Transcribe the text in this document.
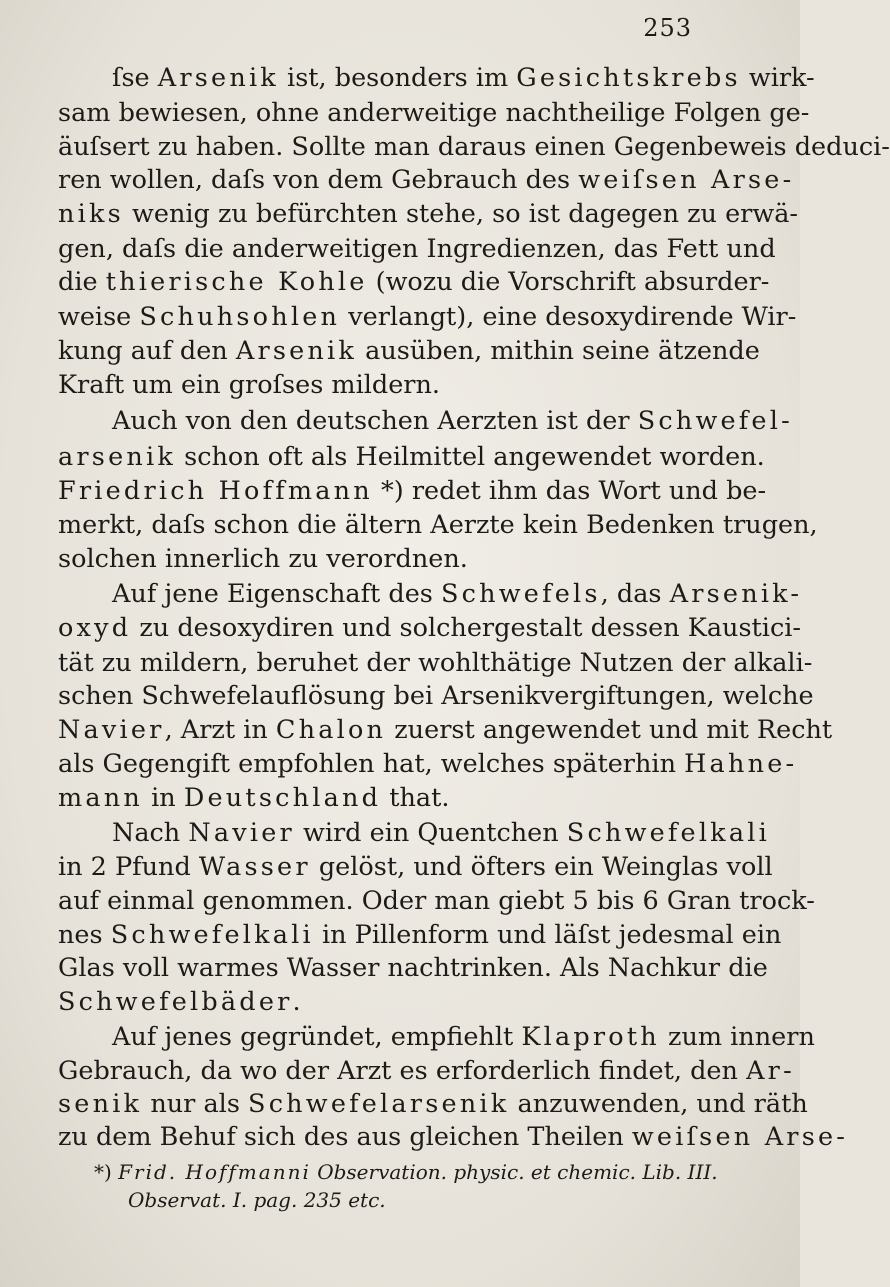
253
ſse Arsenik ist, besonders im Gesichtskrebs wirk-
sam bewiesen, ohne anderweitige nachtheilige Folgen ge-
äuſsert zu haben. Sollte man daraus einen Gegenbeweis deduci-
ren wollen, daſs von dem Gebrauch des weiſsen Arse-
niks wenig zu befürchten stehe, so ist dagegen zu erwä-
gen, daſs die anderweitigen Ingredienzen, das Fett und
die thierische Kohle (wozu die Vorschrift absurder-
weise Schuhsohlen verlangt), eine desoxydirende Wir-
kung auf den Arsenik ausüben, mithin seine ätzende
Kraft um ein groſses mildern.
Auch von den deutschen Aerzten ist der Schwefel-
arsenik schon oft als Heilmittel angewendet worden.
Friedrich Hoffmann *) redet ihm das Wort und be-
merkt, daſs schon die ältern Aerzte kein Bedenken trugen,
solchen innerlich zu verordnen.
Auf jene Eigenschaft des Schwefels, das Arsenik-
oxyd zu desoxydiren und solchergestalt dessen Kaustici-
tät zu mildern, beruhet der wohlthätige Nutzen der alkali-
schen Schwefelauflösung bei Arsenikvergiftungen, welche
Navier, Arzt in Chalon zuerst angewendet und mit Recht
als Gegengift empfohlen hat, welches späterhin Hahne-
mann in Deutschland that.
Nach Navier wird ein Quentchen Schwefelkali
in 2 Pfund Wasser gelöst, und öfters ein Weinglas voll
auf einmal genommen. Oder man giebt 5 bis 6 Gran trock-
nes Schwefelkali in Pillenform und läſst jedesmal ein
Glas voll warmes Wasser nachtrinken. Als Nachkur die
Schwefelbäder.
Auf jenes gegründet, empfiehlt Klaproth zum innern
Gebrauch, da wo der Arzt es erforderlich findet, den Ar-
senik nur als Schwefelarsenik anzuwenden, und räth
zu dem Behuf sich des aus gleichen Theilen weiſsen Arse-
*) Frid. Hoffmanni Observation. physic. et chemic. Lib. III.
Observat. I. pag. 235 etc.
